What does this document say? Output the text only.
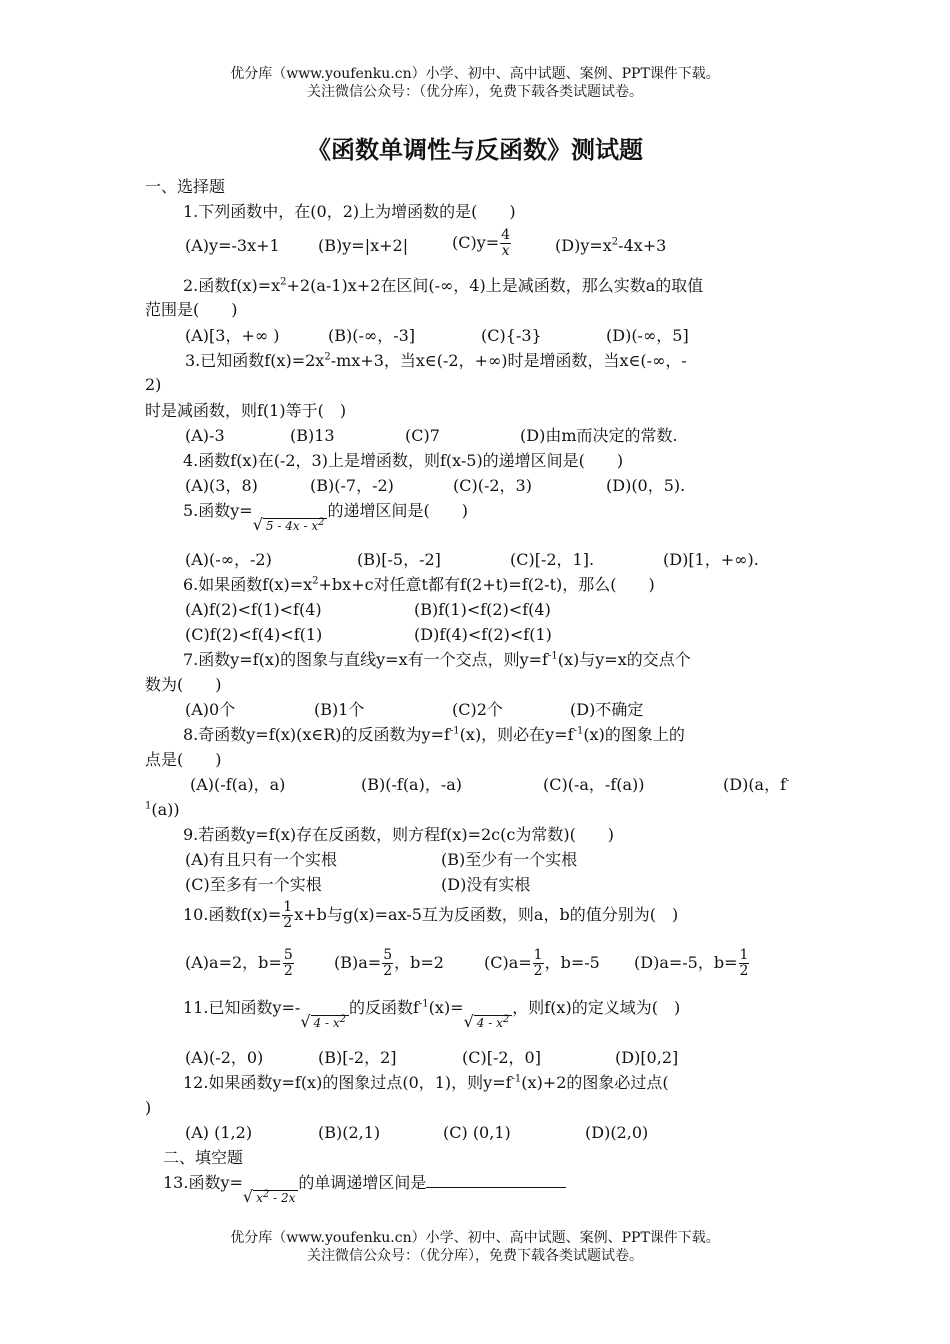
优分库（www.youfenku.cn）小学、初中、高中试题、案例、PPT课件下载。
关注微信公众号：（优分库），免费下载各类试题试卷。
《函数单调性与反函数》测试题
一、选择题
1.下列函数中，在(0，2)上为增函数的是(　　)
(A)y=-3x+1 (B)y=|x+2|	$(C)y= \frac{4}{x}$	$(D)y=x^2-4x+3$
2.函数$f(x)=x^2+2(a-1)x+2$在区间(-∞，4)上是减函数，那么实数a的取值
范围是(　　)
(A)[3，+∞ )	(B)(-∞，-3]	(C){-3}	(D)(-∞，5]
3.已知函数$f(x)=2x^2-mx+3$，当x∈(-2，+∞)时是增函数，当x∈(-∞，-
2)
时是减函数，则f(1)等于(　)
(A)-3	(B)13	(C)7	(D)由m而决定的常数.
4.函数f(x)在(-2，3)上是增函数，则f(x-5)的递增区间是(　　)
(A)(3，8)	(B)(-7，-2)	(C)(-2，3)	(D)(0，5).
5.函数y=√ $5 - 4x - x^2$的递增区间是(　　)
(A)(-∞，-2)	(B)[-5，-2]	(C)[-2，1].	(D)[1，+∞).
6.如果函数$f(x)=x^2+bx+c$对任意t都有f(2+t)=f(2-t)，那么(　　)
(A)f(2)<f(1)<f(4)	(B)f(1)<f(2)<f(4)
(C)f(2)<f(4)<f(1)	(D)f(4)<f(2)<f(1)
7.函数y=f(x)的图象与直线y=x有一个交点，则$y=f^{-1}(x)$与y=x的交点个
数为(　　)
(A)0个	(B)1个	(C)2个	(D)不确定
8.奇函数y=f(x)(x∈R)的反函数为$y=f^{-1}(x)$，则必在$y=f^{-1}(x)$的图象上的
点是(　　)
(A)(-f(a)，a)	(B)(-f(a)，-a)	(C)(-a，-f(a))	(D)(a，f-
$^1$(a))
9.若函数y=f(x)存在反函数，则方程f(x)=2c(c为常数)(　　)
(A)有且只有一个实根	(B)至少有一个实根
(C)至多有一个实根	(D)没有实根
10.函数$f(x)= \frac{1}{2} x+b$与g(x)=ax-5互为反函数，则a，b的值分别为(　)
(A)a=2，$b= \frac{5}{2}$	$(B)a= \frac{5}{2}$ ，b=2	$(C)a= \frac{1}{2}$ ，b=-5 (D)a=-5，$b= \frac{1}{2}$
11.已知函数y=-√ $4 - x^2$的反函数$f^{-1}(x)=√$ $4 - x^2$，则f(x)的定义域为(　)
(A)(-2，0)	(B)[-2，2]	(C)[-2，0]	(D)[0,2]
12.如果函数y=f(x)的图象过点(0，1)，则$y=f^{-1}(x)+2$的图象必过点(
)
(A) (1,2)	(B)(2,1)	(C) (0,1)	(D)(2,0)
二、填空题
13.函数y=√ $x^2 - 2x$的单调递增区间是
优分库（www.youfenku.cn）小学、初中、高中试题、案例、PPT课件下载。
关注微信公众号：（优分库），免费下载各类试题试卷。
